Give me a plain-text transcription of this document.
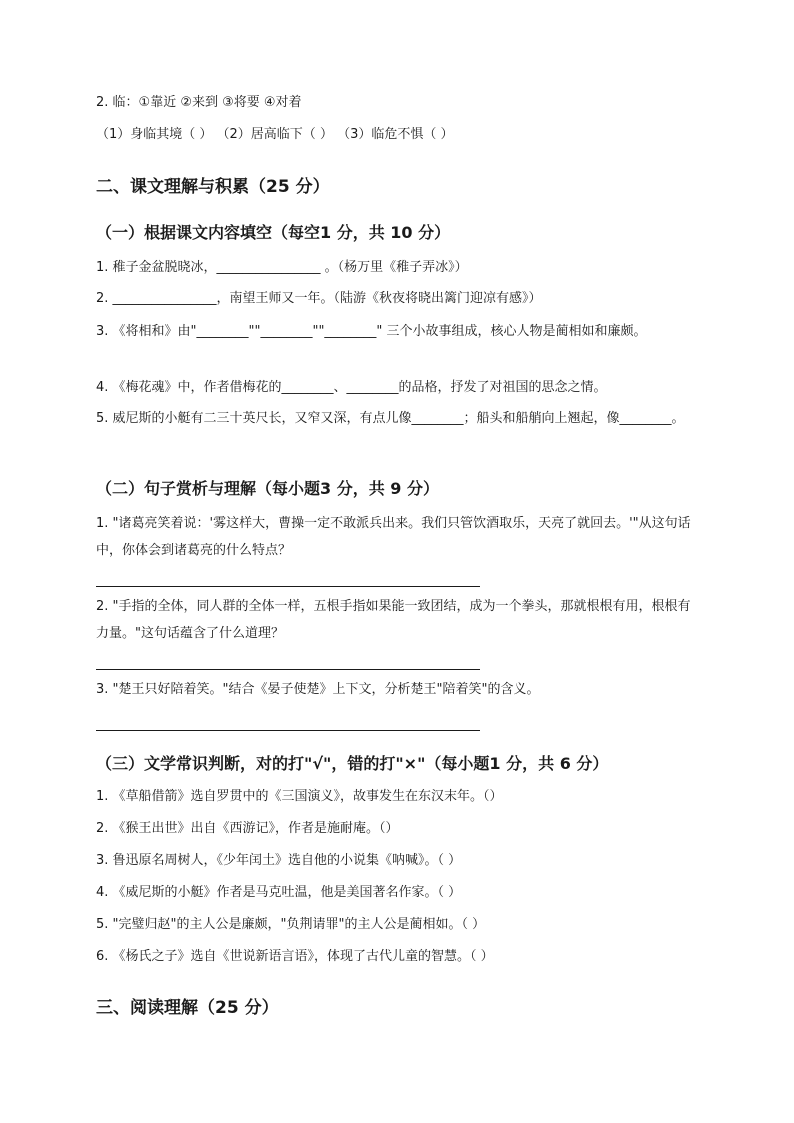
2. 临：①靠近 ②来到 ③将要 ④对着
（1）身临其境（ ） （2）居高临下（ ） （3）临危不惧（ ）
二、课文理解与积累（25 分）
（一）根据课文内容填空（每空1 分，共 10 分）
1. 稚子金盆脱晓冰，________________ 。（杨万里《稚子弄冰》）
2. ________________，南望王师又一年。（陆游《秋夜将晓出篱门迎凉有感》）
3. 《将相和》由"________""________""________" 三个小故事组成，核心人物是蔺相如和廉颇。
4. 《梅花魂》中，作者借梅花的________、________的品格，抒发了对祖国的思念之情。
5. 威尼斯的小艇有二三十英尺长，又窄又深，有点儿像________；船头和船艄向上翘起，像________。
（二）句子赏析与理解（每小题3 分，共 9 分）
1. "诸葛亮笑着说：'雾这样大，曹操一定不敢派兵出来。我们只管饮酒取乐，天亮了就回去。'"从这句话中，你体会到诸葛亮的什么特点？
2. "手指的全体，同人群的全体一样，五根手指如果能一致团结，成为一个拳头，那就根根有用，根根有力量。"这句话蕴含了什么道理？
3. "楚王只好陪着笑。"结合《晏子使楚》上下文，分析楚王"陪着笑"的含义。
（三）文学常识判断，对的打"√"，错的打"×"（每小题1 分，共 6 分）
1. 《草船借箭》选自罗贯中的《三国演义》，故事发生在东汉末年。（）
2. 《猴王出世》出自《西游记》，作者是施耐庵。（）
3. 鲁迅原名周树人，《少年闰土》选自他的小说集《呐喊》。（ ）
4. 《威尼斯的小艇》作者是马克吐温，他是美国著名作家。（ ）
5. "完璧归赵"的主人公是廉颇，"负荆请罪"的主人公是蔺相如。（ ）
6. 《杨氏之子》选自《世说新语言语》，体现了古代儿童的智慧。（ ）
三、阅读理解（25 分）
